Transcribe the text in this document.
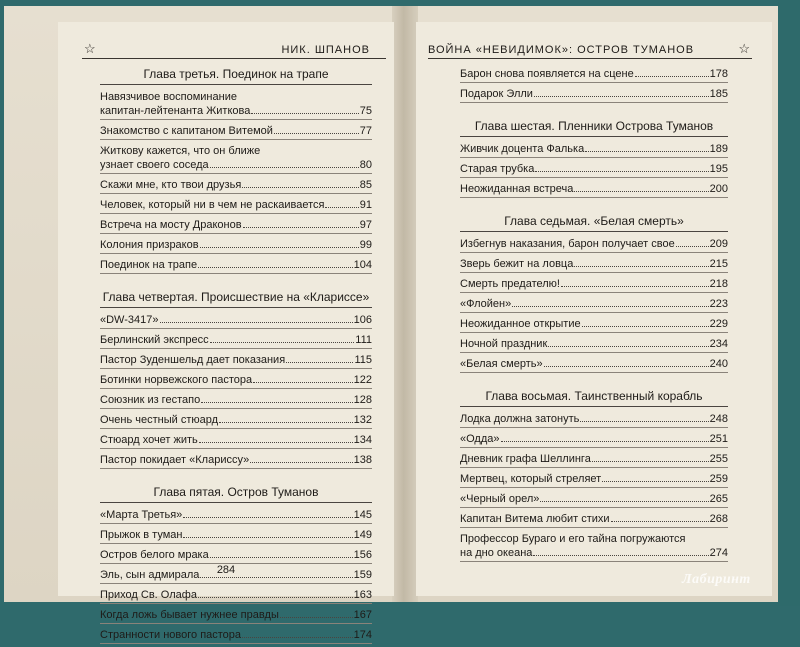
☆	НИК. ШПАНОВ
Глава третья. Поединок на трапе
Навязчивое воспоминание
капитан-лейтенанта Житкова	75
Знакомство с капитаном Витемой	77
Житкову кажется, что он ближе
узнает своего соседа	80
Скажи мне, кто твои друзья	85
Человек, который ни в чем не раскаивается	91
Встреча на мосту Драконов	97
Колония призраков	99
Поединок на трапе	104
Глава четвертая. Происшествие на «Клариссе»
«DW-3417»	106
Берлинский экспресс	111
Пастор Зуденшельд дает показания	115
Ботинки норвежского пастора	122
Союзник из гестапо	128
Очень честный стюард	132
Стюард хочет жить	134
Пастор покидает «Клариссу»	138
Глава пятая. Остров Туманов
«Марта Третья»	145
Прыжок в туман	149
Остров белого мрака	156
Эль, сын адмирала	159
Приход Св. Олафа	163
Когда ложь бывает нужнее правды	167
Странности нового пастора	174
284
☆
ВОЙНА «НЕВИДИМОК»: ОСТРОВ ТУМАНОВ
Барон снова появляется на сцене	178
Подарок Элли	185
Глава шестая. Пленники Острова Туманов
Живчик доцента Фалька	189
Старая трубка	195
Неожиданная встреча	200
Глава седьмая. «Белая смерть»
Избегнув наказания, барон получает свое	209
Зверь бежит на ловца	215
Смерть предателю!	218
«Флойен»	223
Неожиданное открытие	229
Ночной праздник	234
«Белая смерть»	240
Глава восьмая. Таинственный корабль
Лодка должна затонуть	248
«Одда»	251
Дневник графа Шеллинга	255
Мертвец, который стреляет	259
«Черный орел»	265
Капитан Витема любит стихи	268
Профессор Бураго и его тайна погружаются
на дно океана	274
Лабиринт
